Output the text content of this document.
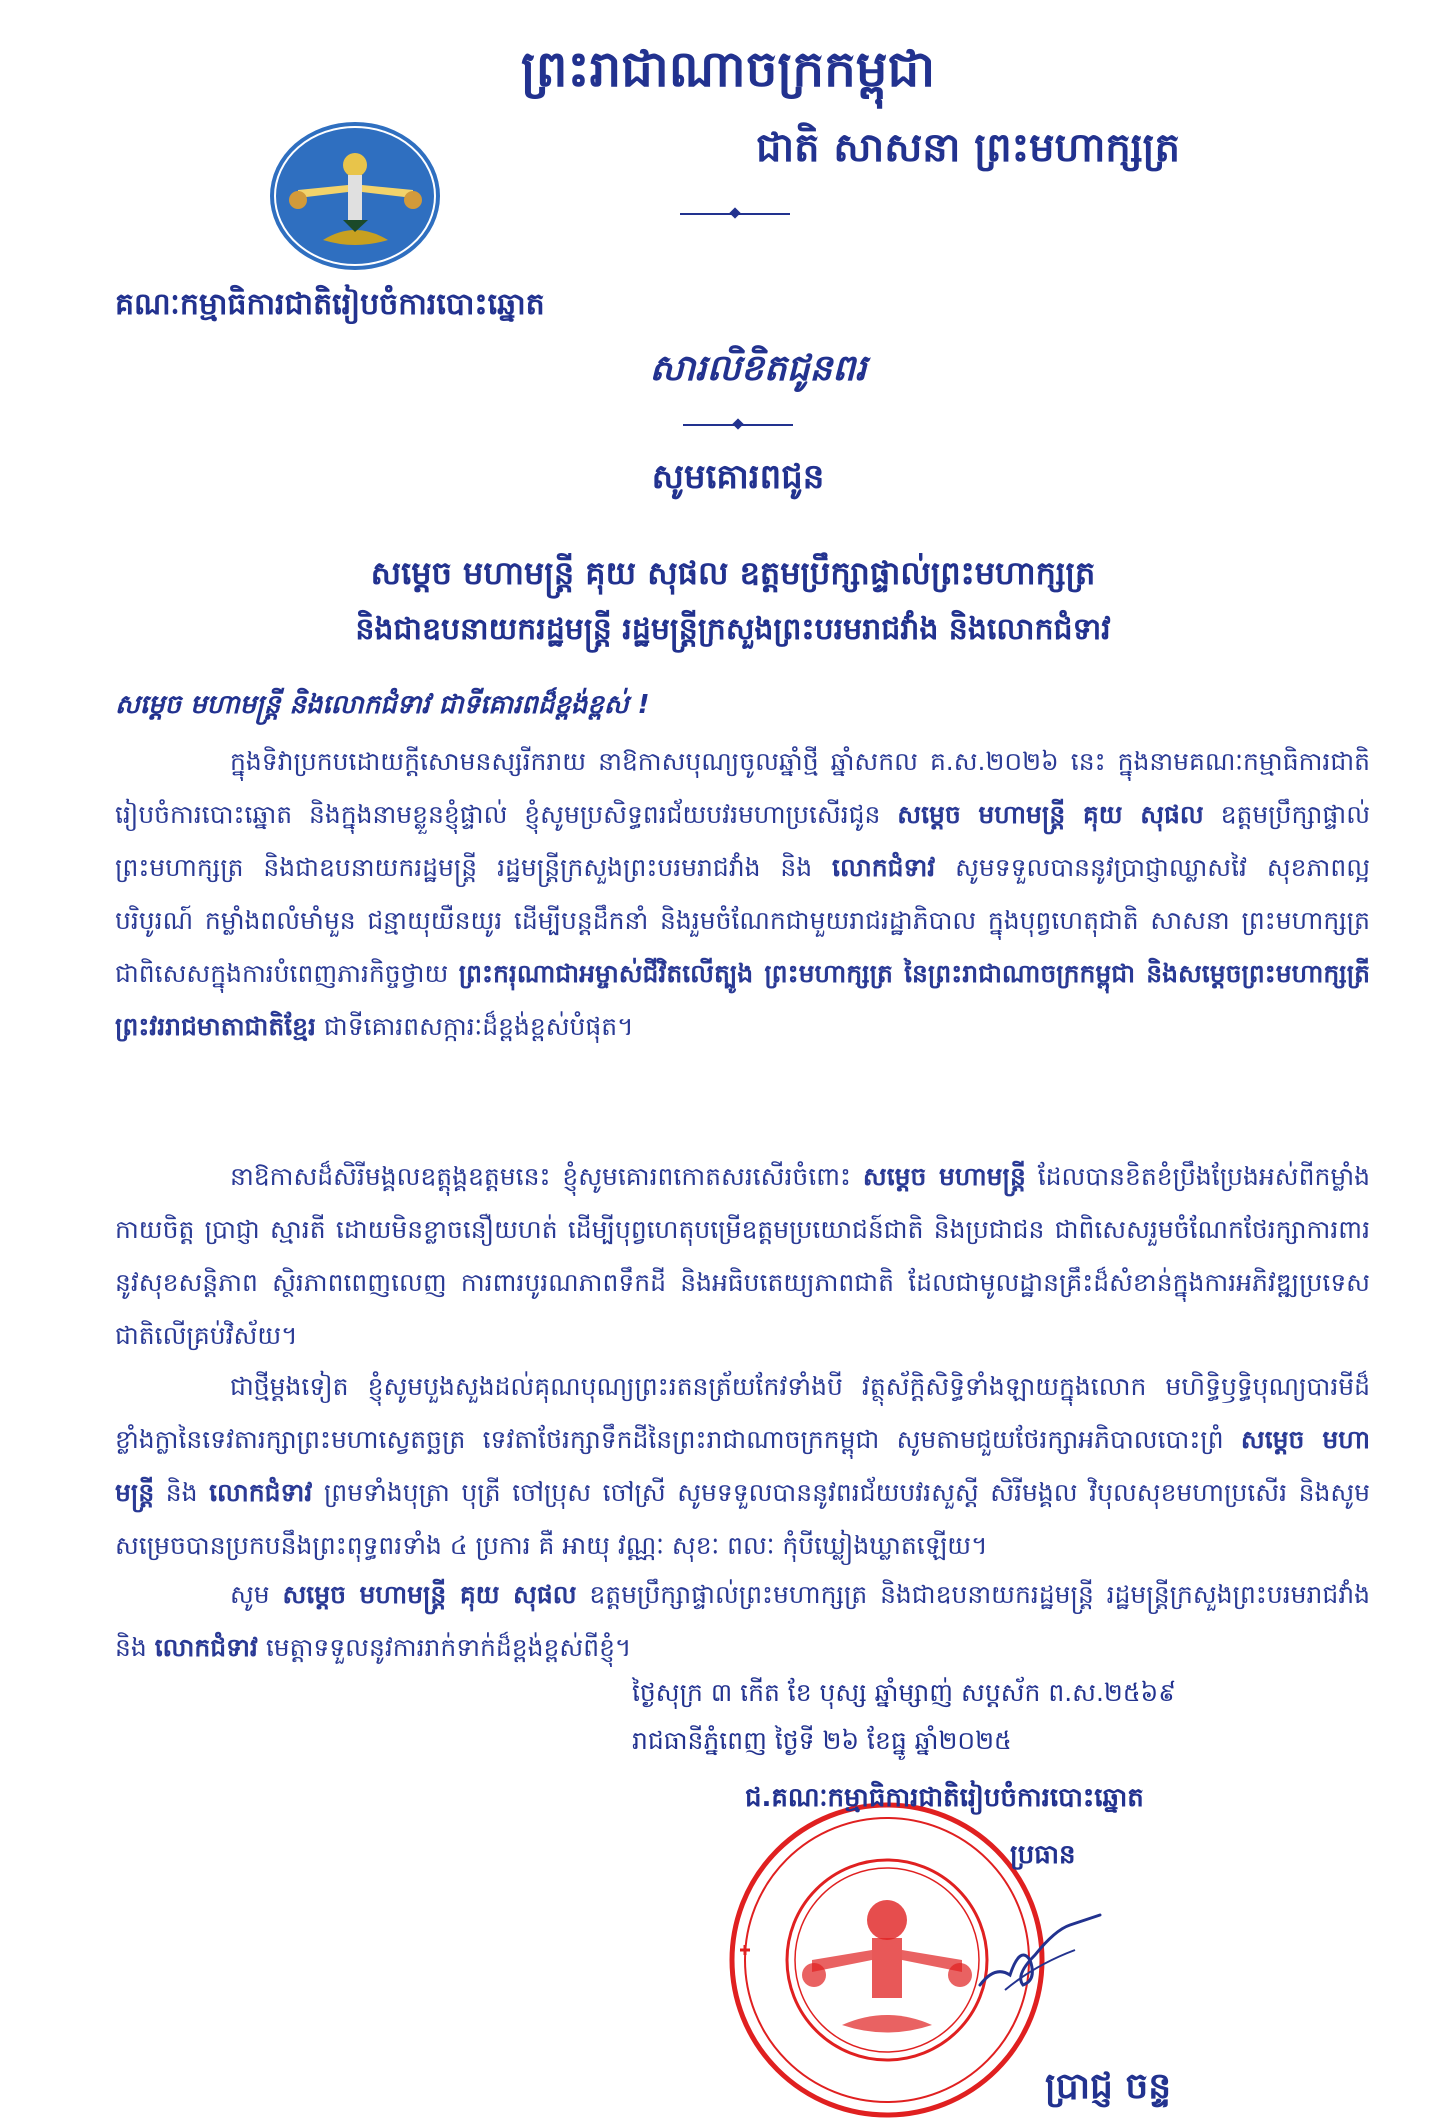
ព្រះរាជាណាចក្រកម្ពុជា
ជាតិ សាសនា ព្រះមហាក្សត្រ
គណៈកម្មាធិការជាតិរៀបចំការបោះឆ្នោត
សារលិខិតជូនពរ
សូមគោរពជូន
សម្តេច មហាមន្ត្រី គុយ សុផល ឧត្តមប្រឹក្សាផ្ទាល់ព្រះមហាក្សត្រ
និងជាឧបនាយករដ្ឋមន្ត្រី រដ្ឋមន្ត្រីក្រសួងព្រះបរមរាជវាំង និងលោកជំទាវ
សម្តេច មហាមន្ត្រី និងលោកជំទាវ ជាទីគោរពដ៏ខ្ពង់ខ្ពស់ !
ក្នុងទិវាប្រកបដោយក្តីសោមនស្សរីករាយ នាឱកាសបុណ្យចូលឆ្នាំថ្មី ឆ្នាំសកល គ.ស.២០២៦ នេះ ក្នុងនាមគណៈកម្មាធិការជាតិរៀបចំការបោះឆ្នោត និងក្នុងនាមខ្លួនខ្ញុំផ្ទាល់ ខ្ញុំសូមប្រសិទ្ធពរជ័យបវរមហាប្រសើរជូន សម្តេច មហាមន្ត្រី គុយ សុផល ឧត្តមប្រឹក្សាផ្ទាល់ព្រះមហាក្សត្រ និងជាឧបនាយករដ្ឋមន្ត្រី រដ្ឋមន្ត្រីក្រសួងព្រះបរមរាជវាំង និង លោកជំទាវ សូមទទួលបាននូវប្រាជ្ញាឈ្លាសវៃ សុខភាពល្អបរិបូរណ៍ កម្លាំងពលំមាំមួន ជន្មាយុយឺនយូរ ដើម្បីបន្តដឹកនាំ និងរួមចំណែកជាមួយរាជរដ្ឋាភិបាល ក្នុងបុព្វហេតុជាតិ សាសនា ព្រះមហាក្សត្រ ជាពិសេសក្នុងការបំពេញភារកិច្ចថ្វាយ ព្រះករុណាជាអម្ចាស់ជីវិតលើត្បូង ព្រះមហាក្សត្រ នៃព្រះរាជាណាចក្រកម្ពុជា និងសម្តេចព្រះមហាក្សត្រី ព្រះវររាជមាតាជាតិខ្មែរ ជាទីគោរពសក្ការៈដ៏ខ្ពង់ខ្ពស់បំផុត។
នាឱកាសដ៏សិរីមង្គលឧត្តុង្គឧត្តមនេះ ខ្ញុំសូមគោរពកោតសរសើរចំពោះ សម្តេច មហាមន្ត្រី ដែលបានខិតខំប្រឹងប្រែងអស់ពីកម្លាំងកាយចិត្ត ប្រាជ្ញា ស្មារតី ដោយមិនខ្លាចនឿយហត់ ដើម្បីបុព្វហេតុបម្រើឧត្តមប្រយោជន៍ជាតិ និងប្រជាជន ជាពិសេសរួមចំណែកថែរក្សាការពារនូវសុខសន្តិភាព ស្ថិរភាពពេញលេញ ការពារបូរណភាពទឹកដី និងអធិបតេយ្យភាពជាតិ ដែលជាមូលដ្ឋានគ្រឹះដ៏សំខាន់ក្នុងការអភិវឌ្ឍប្រទេសជាតិលើគ្រប់វិស័យ។
ជាថ្មីម្តងទៀត ខ្ញុំសូមបួងសួងដល់គុណបុណ្យព្រះរតនត្រ័យកែវទាំងបី វត្ថុស័ក្តិសិទ្ធិទាំងឡាយក្នុងលោក មហិទ្ធិឫទ្ធិបុណ្យបារមីដ៏ខ្លាំងក្លានៃទេវតារក្សាព្រះមហាស្វេតច្ឆត្រ ទេវតាថែរក្សាទឹកដីនៃព្រះរាជាណាចក្រកម្ពុជា សូមតាមជួយថែរក្សាអភិបាលបោះព្រំ សម្តេច មហាមន្ត្រី និង លោកជំទាវ ព្រមទាំងបុត្រា បុត្រី ចៅប្រុស ចៅស្រី សូមទទួលបាននូវពរជ័យបវរសួស្តី សិរីមង្គល វិបុលសុខមហាប្រសើរ និងសូមសម្រេចបានប្រកបនឹងព្រះពុទ្ធពរទាំង ៤ ប្រការ គឺ អាយុ វណ្ណៈ សុខៈ ពលៈ កុំបីឃ្លៀងឃ្លាតឡើយ។
សូម សម្តេច មហាមន្ត្រី គុយ សុផល ឧត្តមប្រឹក្សាផ្ទាល់ព្រះមហាក្សត្រ និងជាឧបនាយករដ្ឋមន្ត្រី រដ្ឋមន្ត្រីក្រសួងព្រះបរមរាជវាំង និង លោកជំទាវ មេត្តាទទួលនូវការរាក់ទាក់ដ៏ខ្ពង់ខ្ពស់ពីខ្ញុំ។
ថ្ងៃសុក្រ ៣ កើត ខែ បុស្ស ឆ្នាំម្សាញ់ សប្តស័ក ព.ស.២៥៦៩
រាជធានីភ្នំពេញ ថ្ងៃទី ២៦ ខែធ្នូ ឆ្នាំ២០២៥
ជ.គណៈកម្មាធិការជាតិរៀបចំការបោះឆ្នោត
ប្រធាន
ប្រាជ្ញ ចន្ទ
